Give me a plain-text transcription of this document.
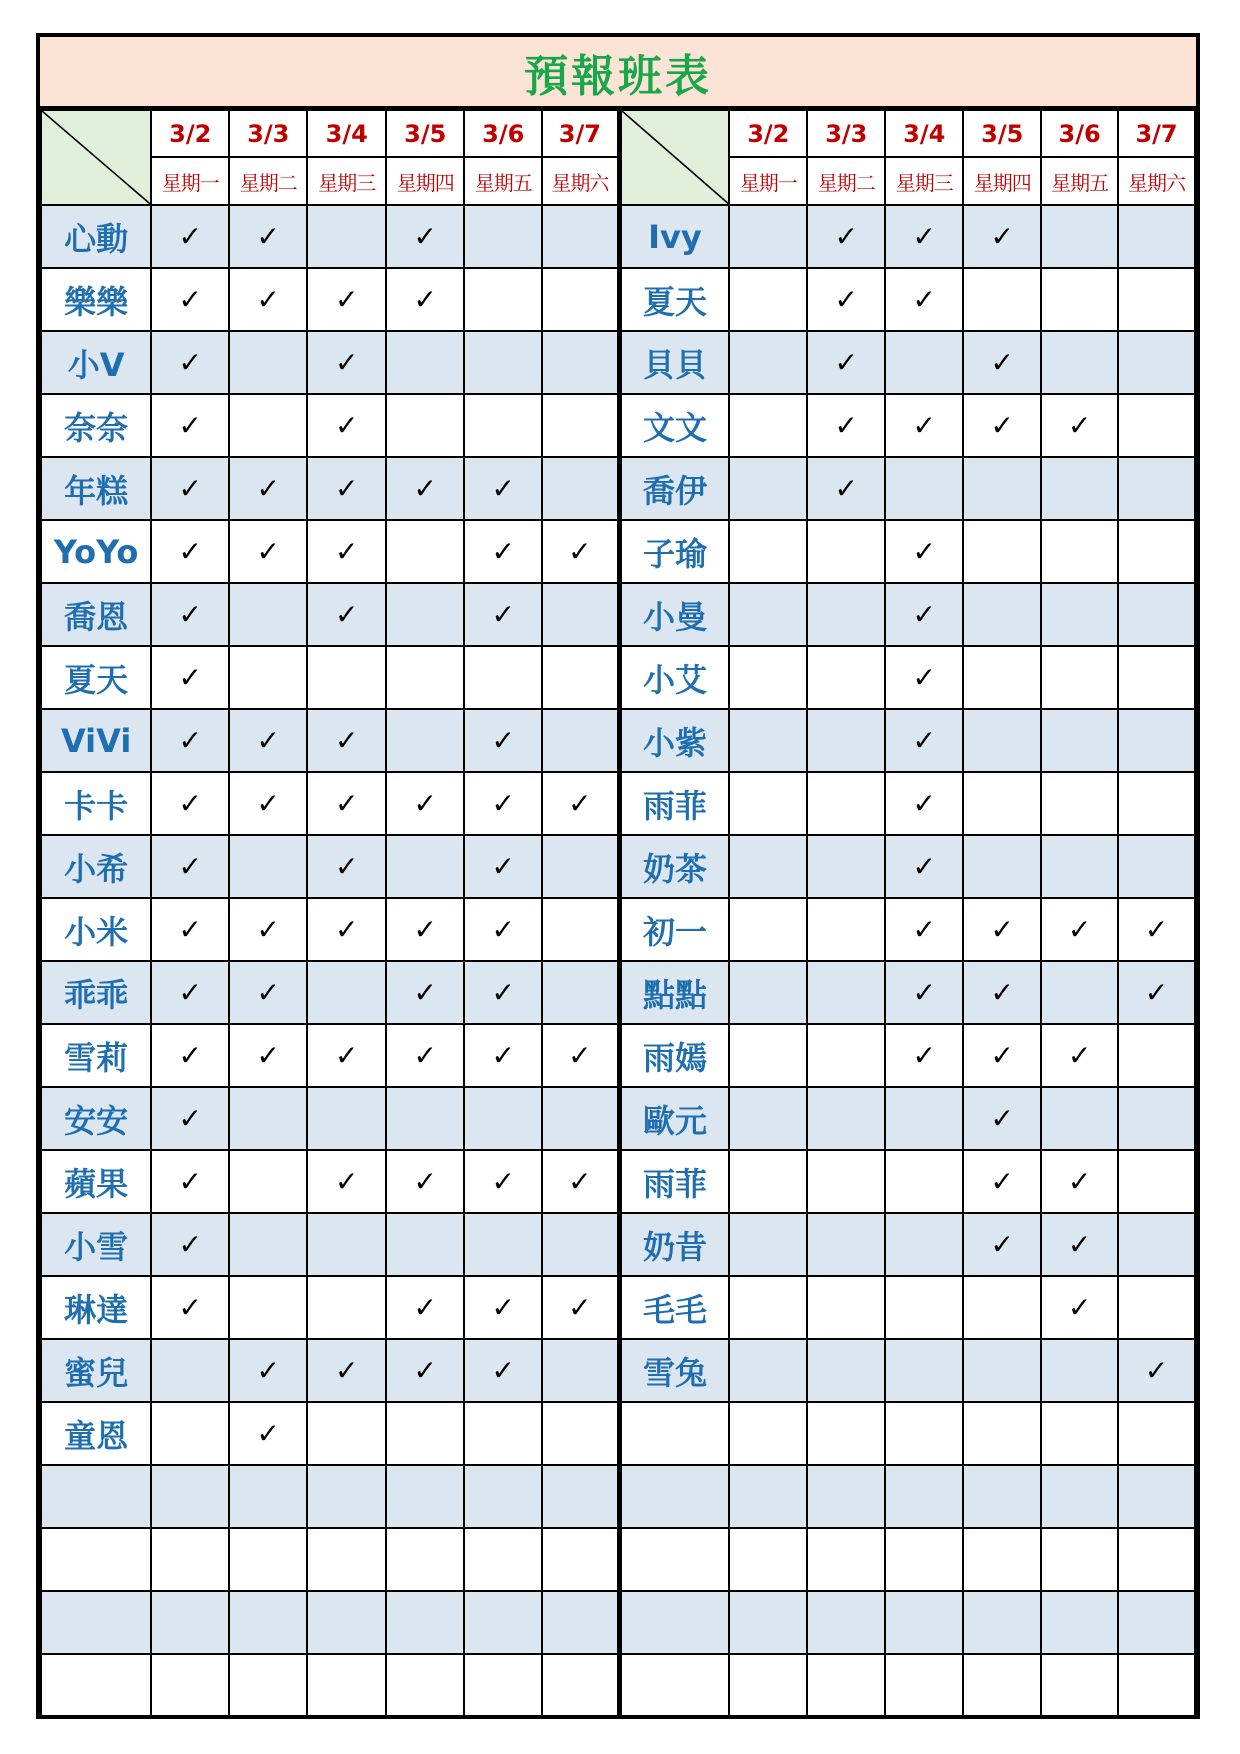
預報班表
	3/2	3/3	3/4	3/5	3/6	3/7		3/2	3/3	3/4	3/5	3/6	3/7
	星期一	星期二	星期三	星期四	星期五	星期六		星期一	星期二	星期三	星期四	星期五	星期六
心動	✓	✓		✓			Ivy		✓	✓	✓		
樂樂	✓	✓	✓	✓			夏天		✓	✓			
小V	✓		✓				貝貝		✓		✓		
奈奈	✓		✓				文文		✓	✓	✓	✓	
年糕	✓	✓	✓	✓	✓		喬伊		✓				
YoYo	✓	✓	✓		✓	✓	子瑜			✓			
喬恩	✓		✓		✓		小曼			✓			
夏天	✓						小艾			✓			
ViVi	✓	✓	✓		✓		小紫			✓			
卡卡	✓	✓	✓	✓	✓	✓	雨菲			✓			
小希	✓		✓		✓		奶茶			✓			
小米	✓	✓	✓	✓	✓		初一			✓	✓	✓	✓
乖乖	✓	✓		✓	✓		點點			✓	✓		✓
雪莉	✓	✓	✓	✓	✓	✓	雨嫣			✓	✓	✓	
安安	✓						歐元				✓		
蘋果	✓		✓	✓	✓	✓	雨菲				✓	✓	
小雪	✓						奶昔				✓	✓	
琳達	✓			✓	✓	✓	毛毛					✓	
蜜兒		✓	✓	✓	✓		雪兔						✓
童恩		✓											
